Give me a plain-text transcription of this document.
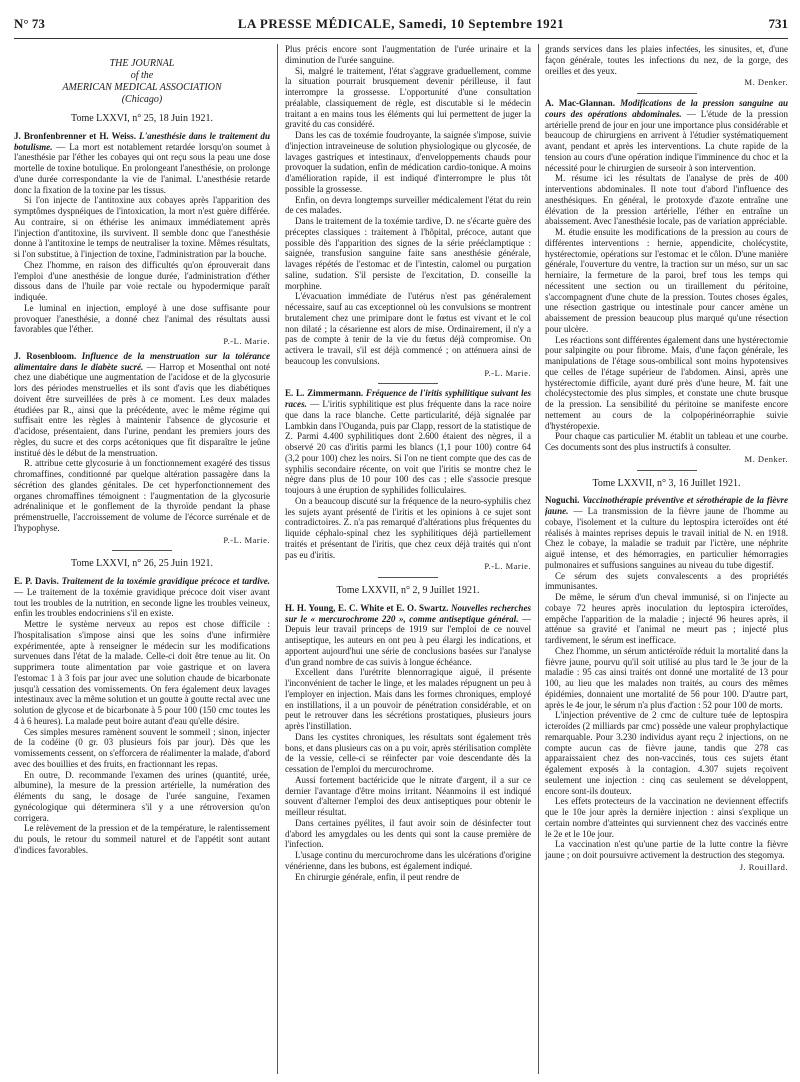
N° 73	LA PRESSE MÉDICALE, Samedi, 10 Septembre 1921	731
THE JOURNAL
of the
AMERICAN MEDICAL ASSOCIATION
(Chicago)
Tome LXXVI, n° 25, 18 Juin 1921.

J. Bronfenbrenner et H. Weiss. L'anesthésie dans le traitement du botulisme. — La mort est notablement retardée lorsqu'on soumet à l'anesthésie par l'éther les cobayes qui ont reçu sous la peau une dose mortelle de toxine botulique. En prolongeant l'anesthésie, on prolonge d'une durée correspondante la vie de l'animal. L'anesthésie retarde donc la fixation de la toxine par les tissus.

Si l'on injecte de l'antitoxine aux cobayes après l'apparition des symptômes dyspnéiques de l'intoxication, la mort n'est guère différée. Au contraire, si on éthérise les animaux immédiatement après l'injection d'antitoxine, ils survivent. Il semble donc que l'anesthésie donne à l'antitoxine le temps de neutraliser la toxine. Mêmes résultats, si l'on substitue, à l'injection de toxine, l'administration par la bouche.

Chez l'homme, en raison des difficultés qu'on éprouverait dans l'emploi d'une anesthésie de longue durée, l'administration d'éther dissous dans de l'huile par voie rectale ou hypodermique paraît indiquée.

Le luminal en injection, employé à une dose suffisante pour provoquer l'anesthésie, a donné chez l'animal des résultats aussi favorables que l'éther.

P.-L. Marie.

J. Rosenbloom. Influence de la menstruation sur la tolérance alimentaire dans le diabète sucré. — Harrop et Mosenthal ont noté chez une diabétique une augmentation de l'acidose et de la glycosurie lors des périodes menstruelles et ils sont d'avis que les diabétiques doivent être surveillées de près à ce moment. Les deux malades étudiées par R., ainsi que la précédente, avec le même régime qui suffisait entre les règles à maintenir l'absence de glycosurie et d'acidose, présentaient, dans l'urine, pendant les premiers jours des règles, du sucre et des corps acétoniques que fit disparaître le jeûne institué dès le début de la menstruation.

R. attribue cette glycosurie à un fonctionnement exagéré des tissus chromaffines, conditionné par quelque altération passagère dans la sécrétion des glandes génitales. De cet hyperfonctionnement des organes chromaffines témoignent : l'augmentation de la glycosurie adrénalinique et le gonflement de la thyroïde pendant la phase prémenstruelle, l'accroissement de volume de l'écorce surrénale et de l'hypophyse.

P.-L. Marie.
Tome LXXVI, n° 26, 25 Juin 1921.

E. P. Davis. Traitement de la toxémie gravidique précoce et tardive. — Le traitement de la toxémie gravidique précoce doit viser avant tout les troubles de la nutrition, en seconde ligne les troubles veineux, enfin les troubles endocriniens s'il en existe.

Mettre le système nerveux au repos est chose difficile : l'hospitalisation s'impose ainsi que les soins d'une infirmière expérimentée, apte à renseigner le médecin sur les modifications survenues dans l'état de la malade. Celle-ci doit être tenue au lit. On supprimera toute alimentation par voie gastrique et on lavera l'estomac 1 à 3 fois par jour avec une solution chaude de bicarbonate jusqu'à cessation des vomissements. On fera également deux lavages intestinaux avec la même solution et un goutte à goutte rectal avec une solution de glycose et de bicarbonate à 5 pour 100 (150 cmc toutes les 4 à 6 heures). La malade peut boire autant d'eau qu'elle désire.

Ces simples mesures ramènent souvent le sommeil ; sinon, injecter de la codéine (0 gr. 03 plusieurs fois par jour). Dès que les vomissements cessent, on s'efforcera de réalimenter la malade, d'abord avec des bouillies et des fruits, en fractionnant les repas.

En outre, D. recommande l'examen des urines (quantité, urée, albumine), la mesure de la pression artérielle, la numération des éléments du sang, le dosage de l'urée sanguine, l'examen gynécologique qui déterminera s'il y a une rétroversion qu'on corrigera.

Le relèvement de la pression et de la température, le ralentissement du pouls, le retour du sommeil naturel et de l'appétit sont autant d'indices favorables.

Plus précis encore sont l'augmentation de l'urée urinaire et la diminution de l'urée sanguine.

Si, malgré le traitement, l'état s'aggrave graduellement, comme la situation pourrait brusquement devenir périlleuse, il faut interrompre la grossesse. L'opportunité d'une consultation préalable, classiquement de règle, est discutable si le médecin traitant a en mains tous les éléments qui lui permettent de juger la gravité du cas considéré.

Dans les cas de toxémie foudroyante, la saignée s'impose, suivie d'injection intraveineuse de solution physiologique ou glycosée, de lavages gastriques et intestinaux, d'enveloppements chauds pour provoquer la sudation, enfin de médication cardio-tonique. A moins d'amélioration rapide, il est indiqué d'interrompre le plus tôt possible la grossesse.

Enfin, on devra longtemps surveiller médicalement l'état du rein de ces malades.

Dans le traitement de la toxémie tardive, D. ne s'écarte guère des préceptes classiques : traitement à l'hôpital, précoce, autant que possible dès l'apparition des signes de la série prééclamptique : saignée, transfusion sanguine faite sans anesthésie générale, lavages répétés de l'estomac et de l'intestin, calomel ou purgation saline, sudation. S'il persiste de l'excitation, D. conseille la morphine.

L'évacuation immédiate de l'utérus n'est pas généralement nécessaire, sauf au cas exceptionnel où les convulsions se montrent brutalement chez une primipare dont le fœtus est vivant et le col non dilaté ; la césarienne est alors de mise. Ordinairement, il n'y a pas de compte à tenir de la vie du fœtus déjà compromise. On activera le travail, s'il est déjà commencé ; on atténuera ainsi de beaucoup les convulsions.

P.-L. Marie.

E. L. Zimmermann. Fréquence de l'iritis syphilitique suivant les races. — L'iritis syphilitique est plus fréquente dans la race noire que dans la race blanche. Cette particularité, déjà signalée par Lambkin dans l'Ouganda, puis par Clapp, ressort de la statistique de Z. Parmi 4.400 syphilitiques dont 2.600 étaient des nègres, il a observé 20 cas d'iritis parmi les blancs (1,1 pour 100) contre 64 (3,2 pour 100) chez les noirs. Si l'on ne tient compte que des cas de syphilis secondaire récente, on voit que l'iritis se montre chez le nègre dans plus de 10 pour 100 des cas ; elle s'associe presque toujours à une éruption de syphilides folliculaires.

On a beaucoup discuté sur la fréquence de la neuro-syphilis chez les sujets ayant présenté de l'iritis et les opinions à ce sujet sont contradictoires. Z. n'a pas remarqué d'altérations plus fréquentes du liquide céphalo-spinal chez les syphilitiques déjà partiellement traités et présentant de l'iritis, que chez ceux déjà traités qui n'ont pas eu d'iritis.

P.-L. Marie.
Tome LXXVII, n° 2, 9 Juillet 1921.

H. H. Young, E. C. White et E. O. Swartz. Nouvelles recherches sur le « mercurochrome 220 », comme antiseptique général. — Depuis leur travail princeps de 1919 sur l'emploi de ce nouvel antiseptique, les auteurs en ont peu à peu élargi les indications, et apportent aujourd'hui une série de conclusions basées sur l'analyse d'un grand nombre de cas suivis à longue échéance.

Excellent dans l'urétrite blennorragique aiguë, il présente l'inconvénient de tacher le linge, et les malades répugnent un peu à l'employer en injection. Mais dans les formes chroniques, employé en instillations, il a un pouvoir de pénétration considérable, et on peut le retrouver dans les sécrétions prostatiques, plusieurs jours après l'instillation.

Dans les cystites chroniques, les résultats sont également très bons, et dans plusieurs cas on a pu voir, après stérilisation complète de la vessie, celle-ci se réinfecter par voie descendante dès la cessation de l'emploi du mercurochrome.

Aussi fortement bactéricide que le nitrate d'argent, il a sur ce dernier l'avantage d'être moins irritant. Néanmoins il est indiqué souvent d'alterner l'emploi des deux antiseptiques pour obtenir le meilleur résultat.

Dans certaines pyélites, il faut avoir soin de désinfecter tout d'abord les amygdales ou les dents qui sont la cause première de l'infection.

L'usage continu du mercurochrome dans les ulcérations d'origine vénérienne, dans les bubons, est également indiqué.

En chirurgie générale, enfin, il peut rendre de

grands services dans les plaies infectées, les sinusites, et, d'une façon générale, toutes les infections du nez, de la gorge, des oreilles et des yeux.

M. Denker.

A. Mac-Glannan. Modifications de la pression sanguine au cours des opérations abdominales. — L'étude de la pression artérielle prend de jour en jour une importance plus considérable et beaucoup de chirurgiens en arrivent à l'étudier systématiquement avant, pendant et après les interventions. La chute rapide de la tension au cours d'une opération indique l'imminence du choc et la nécessité pour le chirurgien de surseoir à son intervention.

M. résume ici les résultats de l'analyse de près de 400 interventions abdominales. Il note tout d'abord l'influence des anesthésiques. En général, le protoxyde d'azote entraîne une élévation de la pression artérielle, l'éther en entraîne un abaissement. Avec l'anesthésie locale, pas de variation appréciable.

M. étudie ensuite les modifications de la pression au cours de différentes interventions : hernie, appendicite, cholécystite, hystérectomie, opérations sur l'estomac et le côlon. D'une manière générale, l'ouverture du ventre, la traction sur un méso, sur un sac herniaire, la fermeture de la paroi, bref tous les temps qui nécessitent une section ou un tiraillement du péritoine, s'accompagnent d'une chute de la pression. Toutes choses égales, une résection gastrique ou intestinale pour cancer amène un abaissement de pression beaucoup plus marqué qu'une résection pour ulcère.

Les réactions sont différentes également dans une hystérectomie pour salpingite ou pour fibrome. Mais, d'une façon générale, les manipulations de l'étage sous-ombilical sont moins hypotensives que celles de l'étage supérieur de l'abdomen. Ainsi, après une hystérectomie difficile, ayant duré près d'une heure, M. fait une cholécystectomie des plus simples, et constate une chute brusque de la pression. La sensibilité du péritoine se manifeste encore nettement au cours de la colpopérinéorraphie suivie d'hystéropexie.

Pour chaque cas particulier M. établit un tableau et une courbe. Ces documents sont des plus instructifs à consulter.

M. Denker.
Tome LXXVII, n° 3, 16 Juillet 1921.

Noguchi. Vaccinothérapie préventive et sérothérapie de la fièvre jaune. — La transmission de la fièvre jaune de l'homme au cobaye, l'isolement et la culture du leptospira icteroïdes ont été réalisés à maintes reprises depuis le travail initial de N. en 1918. Chez le cobaye, la maladie se traduit par l'ictère, une néphrite aiguë intense, et des hémorragies, en particulier hémorragies pulmonaires et suffusions sanguines au niveau du tube digestif.

Ce sérum des sujets convalescents a des propriétés immunisantes.

De même, le sérum d'un cheval immunisé, si on l'injecte au cobaye 72 heures après inoculation du leptospira icteroïdes, empêche l'apparition de la maladie ; injecté 96 heures après, il atténue sa gravité et l'animal ne meurt pas ; injecté plus tardivement, le sérum est inefficace.

Chez l'homme, un sérum antictéroïde réduit la mortalité dans la fièvre jaune, pourvu qu'il soit utilisé au plus tard le 3e jour de la maladie : 95 cas ainsi traités ont donné une mortalité de 13 pour 100, au lieu que les malades non traités, au cours des mêmes épidémies, donnaient une mortalité de 56 pour 100. D'autre part, après le 4e jour, le sérum n'a plus d'action : 52 pour 100 de morts.

L'injection préventive de 2 cmc de culture tuée de leptospira icteroïdes (2 milliards par cmc) possède une valeur prophylactique remarquable. Pour 3.230 individus ayant reçu 2 injections, on ne compte aucun cas de fièvre jaune, tandis que 278 cas apparaissaient chez des non-vaccinés, tous ces sujets étant également exposés à la contagion. 4.307 sujets reçoivent seulement une injection : cinq cas seulement se développent, encore sont-ils douteux.

Les effets protecteurs de la vaccination ne deviennent effectifs que le 10e jour après la dernière injection : ainsi s'explique un certain nombre d'atteintes qui surviennent chez des vaccinés entre le 2e et le 10e jour.

La vaccination n'est qu'une partie de la lutte contre la fièvre jaune ; on doit poursuivre activement la destruction des stegomya.

J. Rouillard.
